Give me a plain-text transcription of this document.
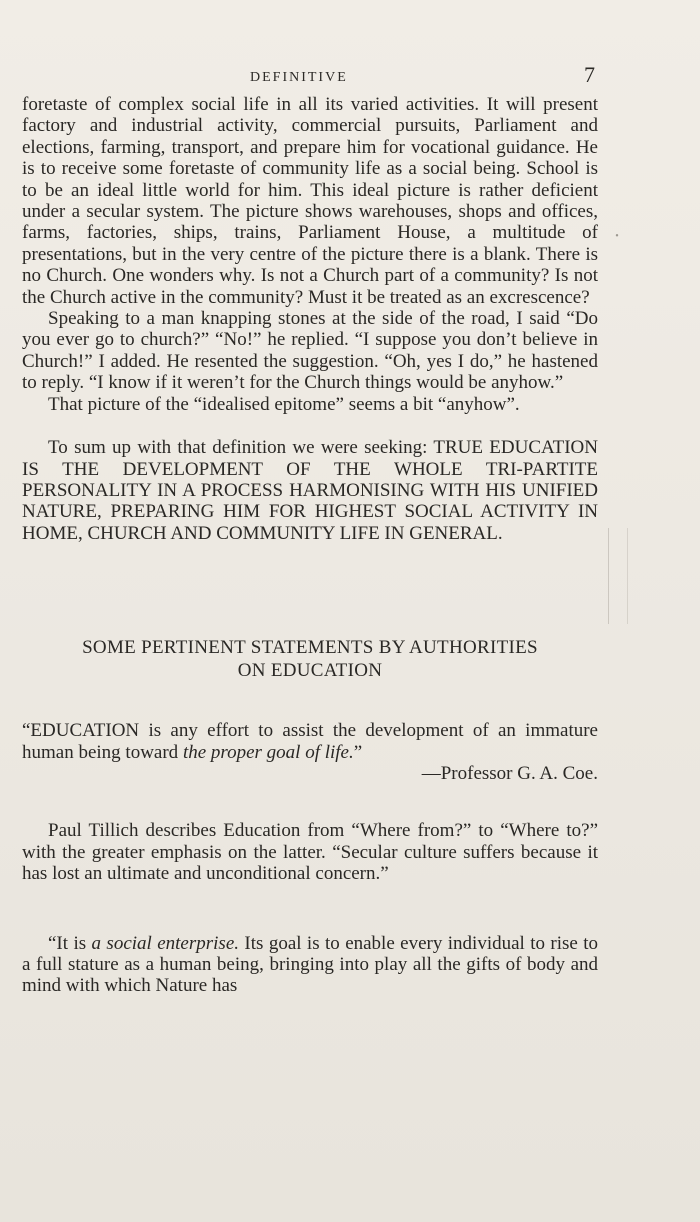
DEFINITIVE	7
•

foretaste of complex social life in all its varied activities. It will present factory and industrial activity, commercial pursuits, Parliament and elections, farming, transport, and prepare him for vocational guidance. He is to receive some foretaste of community life as a social being. School is to be an ideal little world for him. This ideal picture is rather deficient under a secular system. The picture shows warehouses, shops and offices, farms, factories, ships, trains, Parliament House, a multitude of presentations, but in the very centre of the picture there is a blank. There is no Church. One wonders why. Is not a Church part of a community? Is not the Church active in the community? Must it be treated as an excrescence?

Speaking to a man knapping stones at the side of the road, I said “Do you ever go to church?” “No!” he replied. “I suppose you don’t believe in Church!” I added. He resented the suggestion. “Oh, yes I do,” he hastened to reply. “I know if it weren’t for the Church things would be anyhow.”

That picture of the “idealised epitome” seems a bit “anyhow”.

To sum up with that definition we were seeking: TRUE EDUCATION IS THE DEVELOPMENT OF THE WHOLE TRI-PARTITE PERSONALITY IN A PROCESS HARMONISING WITH HIS UNIFIED NATURE, PREPARING HIM FOR HIGHEST SOCIAL ACTIVITY IN HOME, CHURCH AND COMMUNITY LIFE IN GENERAL.

SOME PERTINENT STATEMENTS BY AUTHORITIES
ON EDUCATION

“EDUCATION is any effort to assist the development of an immature human being toward the proper goal of life.”

—Professor G. A. Coe.

Paul Tillich describes Education from “Where from?” to “Where to?” with the greater emphasis on the latter. “Secular culture suffers because it has lost an ultimate and unconditional concern.”

“It is a social enterprise. Its goal is to enable every individual to rise to a full stature as a human being, bringing into play all the gifts of body and mind with which Nature has
